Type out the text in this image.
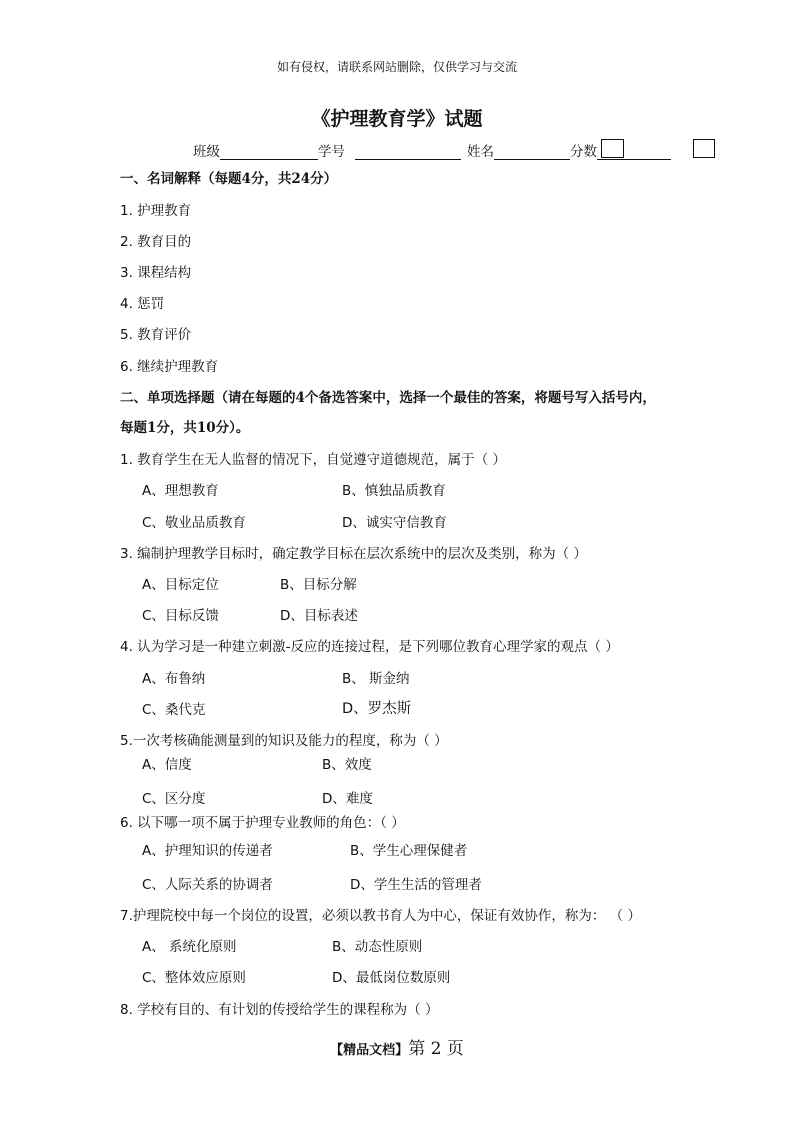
如有侵权，请联系网站删除，仅供学习与交流
《护理教育学》试题
班级	学号	姓名	分数
一、名词解释（每题4分，共24分）
1. 护理教育
2. 教育目的
3. 课程结构
4. 惩罚
5. 教育评价
6. 继续护理教育
二、单项选择题（请在每题的4个备选答案中，选择一个最佳的答案，将题号写入括号内，
每题1分，共10分）。
1. 教育学生在无人监督的情况下，自觉遵守道德规范，属于（ ）
A、理想教育	B、慎独品质教育
C、敬业品质教育	D、诚实守信教育
3. 编制护理教学目标时，确定教学目标在层次系统中的层次及类别，称为（ ）
A、目标定位	B、目标分解
C、目标反馈	D、目标表述
4. 认为学习是一种建立刺激-反应的连接过程，是下列哪位教育心理学家的观点（ ）
A、布鲁纳	B、 斯金纳
C、桑代克	D、罗杰斯
5.一次考核确能测量到的知识及能力的程度，称为（ ）
A、信度	B、效度
C、区分度	D、难度
6. 以下哪一项不属于护理专业教师的角色：（ ）
A、护理知识的传递者	B、学生心理保健者
C、人际关系的协调者	D、学生生活的管理者
7.护理院校中每一个岗位的设置，必须以教书育人为中心，保证有效协作，称为： （ ）
A、 系统化原则	B、动态性原则
C、整体效应原则	D、最低岗位数原则
8. 学校有目的、有计划的传授给学生的课程称为（ ）
【精品文档】第 2 页
